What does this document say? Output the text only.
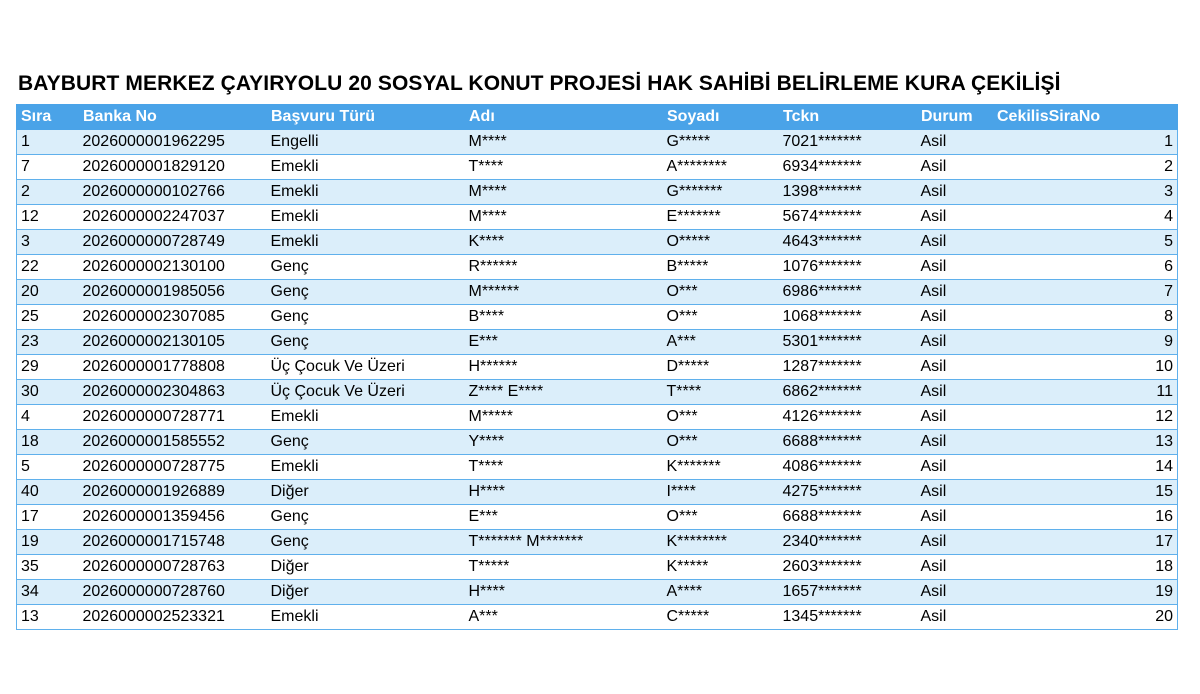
BAYBURT MERKEZ ÇAYIRYOLU 20 SOSYAL KONUT PROJESİ HAK SAHİBİ BELİRLEME KURA ÇEKİLİŞİ
Sıra	Banka No	Başvuru Türü	Adı	Soyadı	Tckn	Durum	CekilisSiraNo
1	2026000001962295	Engelli	M****	G*****	7021*******	Asil	1
7	2026000001829120	Emekli	T****	A********	6934*******	Asil	2
2	2026000000102766	Emekli	M****	G*******	1398*******	Asil	3
12	2026000002247037	Emekli	M****	E*******	5674*******	Asil	4
3	2026000000728749	Emekli	K****	O*****	4643*******	Asil	5
22	2026000002130100	Genç	R******	B*****	1076*******	Asil	6
20	2026000001985056	Genç	M******	O***	6986*******	Asil	7
25	2026000002307085	Genç	B****	O***	1068*******	Asil	8
23	2026000002130105	Genç	E***	A***	5301*******	Asil	9
29	2026000001778808	Üç Çocuk Ve Üzeri	H******	D*****	1287*******	Asil	10
30	2026000002304863	Üç Çocuk Ve Üzeri	Z**** E****	T****	6862*******	Asil	11
4	2026000000728771	Emekli	M*****	O***	4126*******	Asil	12
18	2026000001585552	Genç	Y****	O***	6688*******	Asil	13
5	2026000000728775	Emekli	T****	K*******	4086*******	Asil	14
40	2026000001926889	Diğer	H****	I****	4275*******	Asil	15
17	2026000001359456	Genç	E***	O***	6688*******	Asil	16
19	2026000001715748	Genç	T******* M*******	K********	2340*******	Asil	17
35	2026000000728763	Diğer	T*****	K*****	2603*******	Asil	18
34	2026000000728760	Diğer	H****	A****	1657*******	Asil	19
13	2026000002523321	Emekli	A***	C*****	1345*******	Asil	20
